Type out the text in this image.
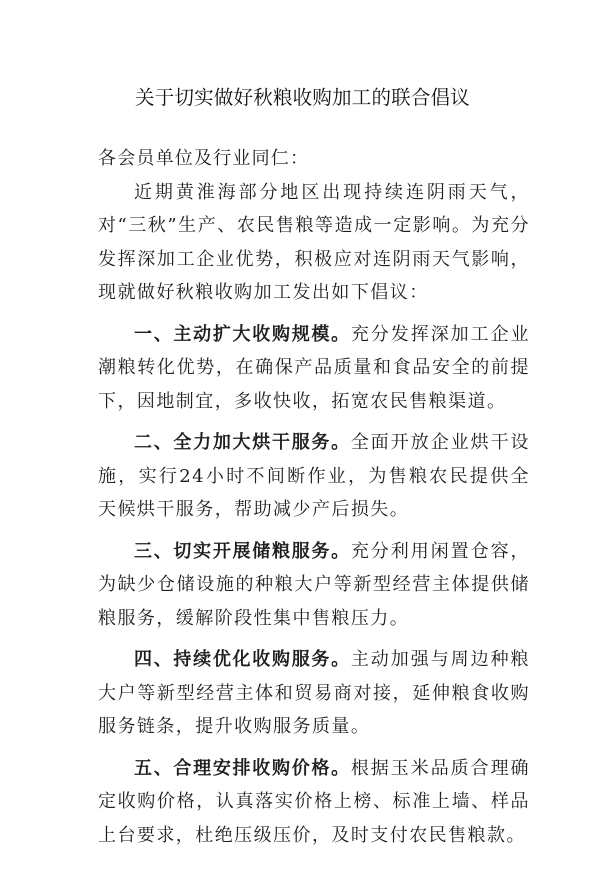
关于切实做好秋粮收购加工的联合倡议

各会员单位及行业同仁：

近期黄淮海部分地区出现持续连阴雨天气，对“三秋”生产、农民售粮等造成一定影响。为充分发挥深加工企业优势，积极应对连阴雨天气影响，现就做好秋粮收购加工发出如下倡议：

一、主动扩大收购规模。充分发挥深加工企业潮粮转化优势，在确保产品质量和食品安全的前提下，因地制宜，多收快收，拓宽农民售粮渠道。

二、全力加大烘干服务。全面开放企业烘干设施，实行24小时不间断作业，为售粮农民提供全天候烘干服务，帮助减少产后损失。

三、切实开展储粮服务。充分利用闲置仓容，为缺少仓储设施的种粮大户等新型经营主体提供储粮服务，缓解阶段性集中售粮压力。

四、持续优化收购服务。主动加强与周边种粮大户等新型经营主体和贸易商对接，延伸粮食收购服务链条，提升收购服务质量。

五、合理安排收购价格。根据玉米品质合理确定收购价格，认真落实价格上榜、标准上墙、样品上台要求，杜绝压级压价，及时支付农民售粮款。
